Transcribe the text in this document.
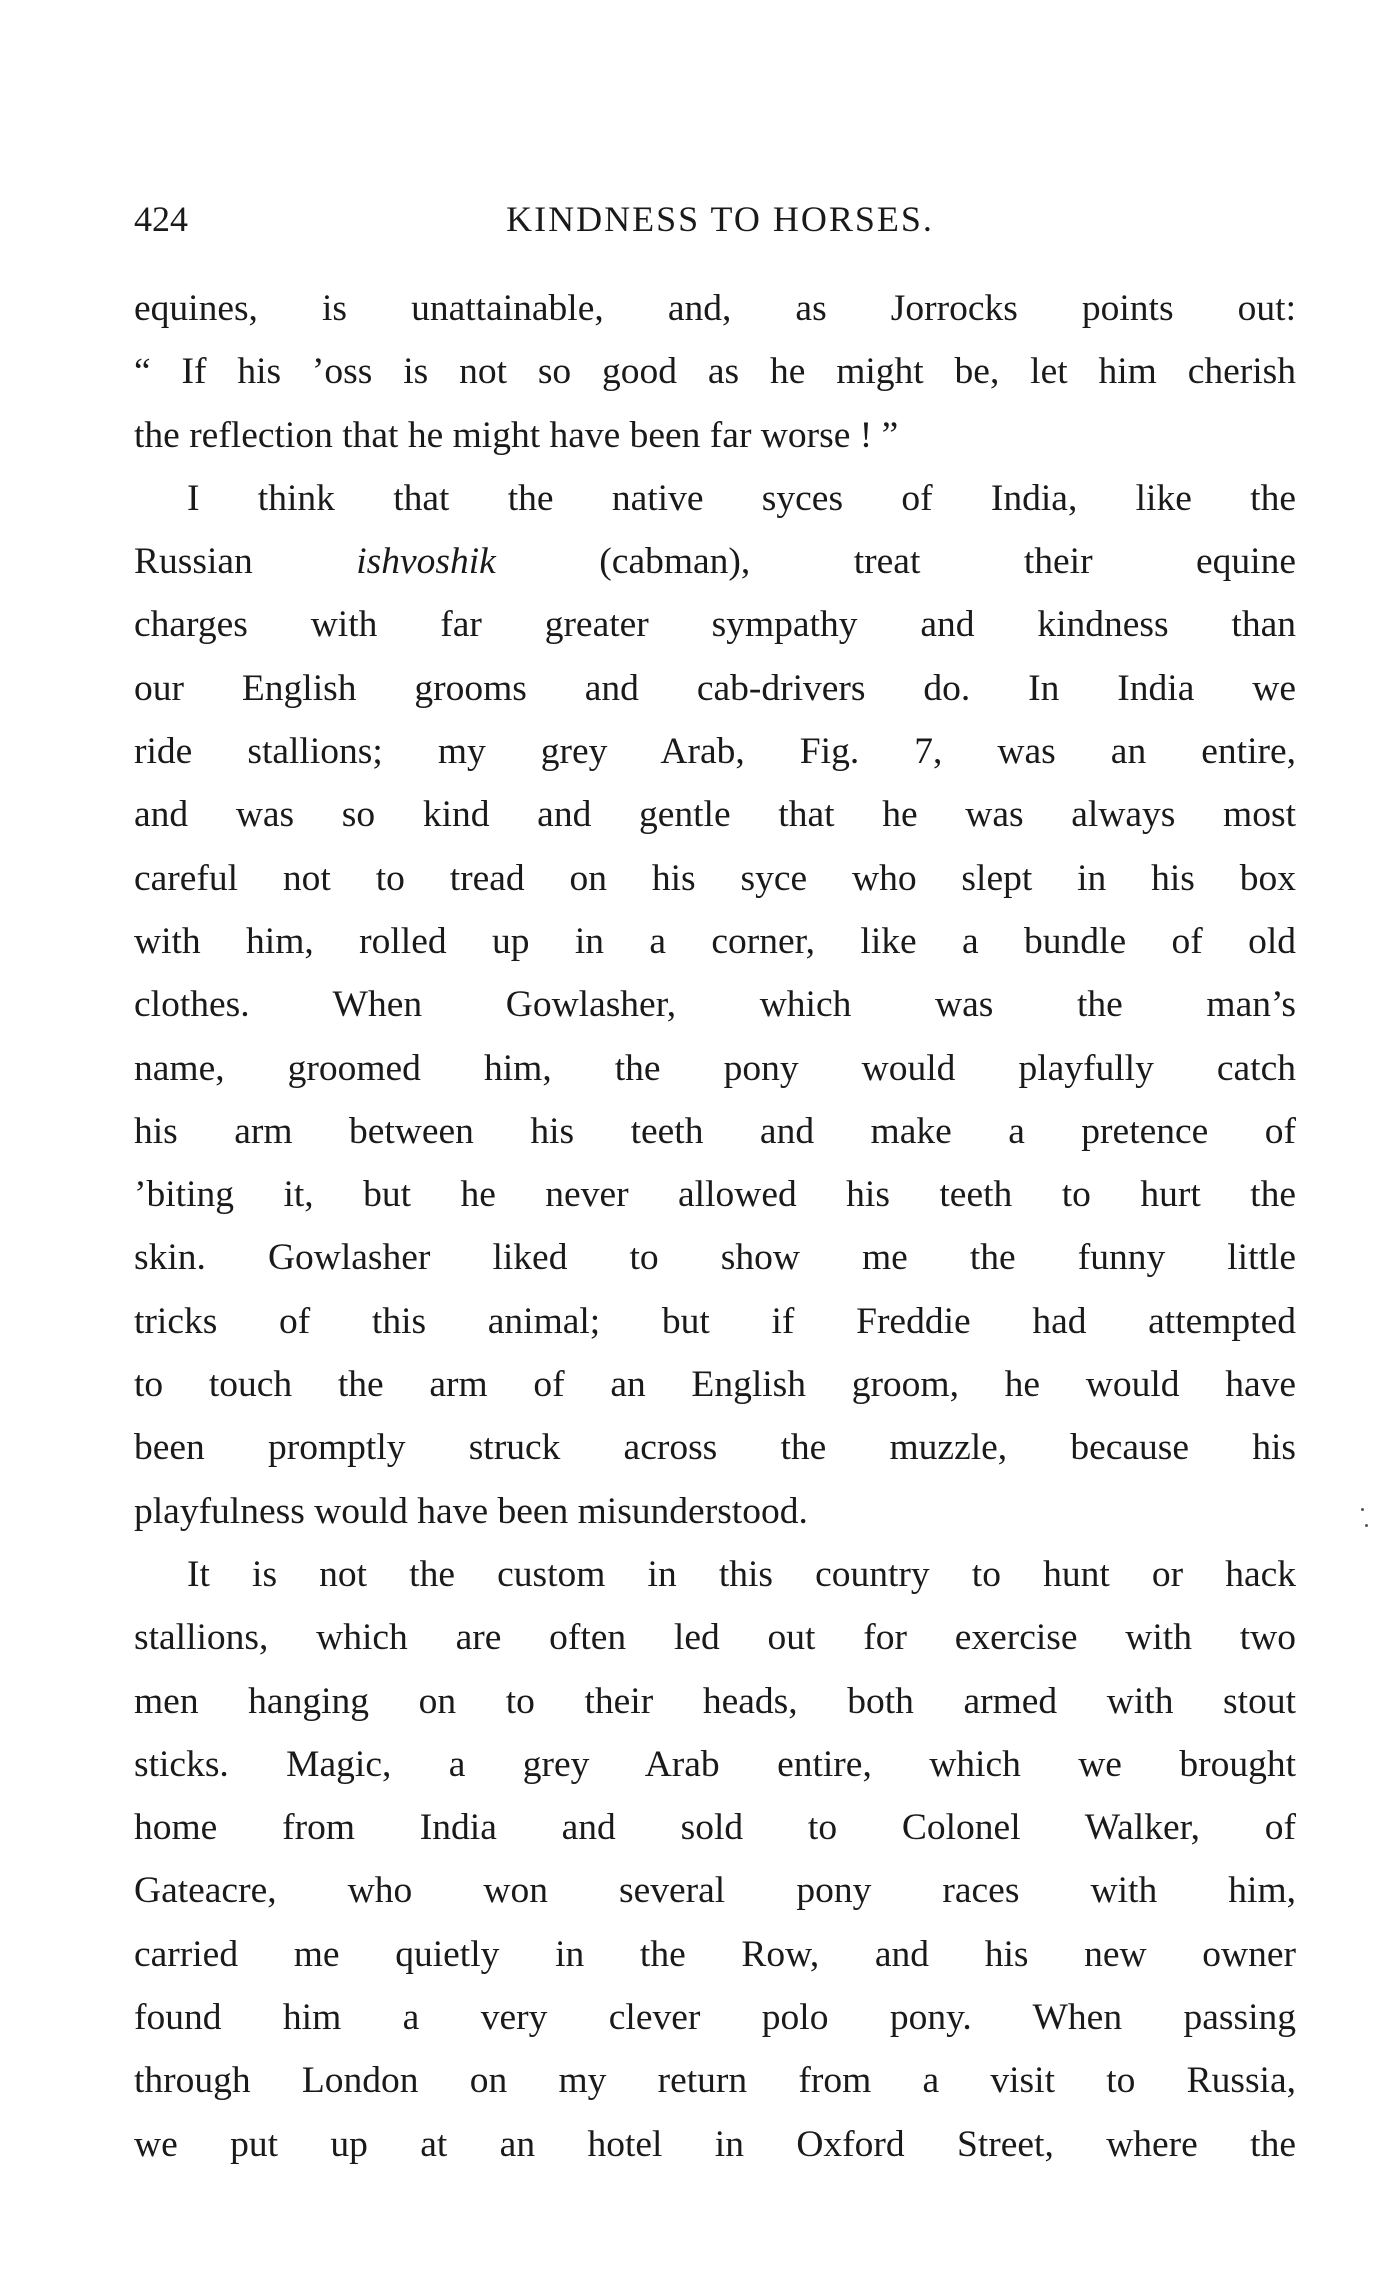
424	KINDNESS TO HORSES.
equines, is unattainable, and, as Jorrocks points out:
“ If his ’oss is not so good as he might be, let him cherish
the reflection that he might have been far worse ! ”
I think that the native syces of India, like the
Russian ishvoshik (cabman), treat their equine
charges with far greater sympathy and kindness than
our English grooms and cab-drivers do. In India we
ride stallions; my grey Arab, Fig. 7, was an entire,
and was so kind and gentle that he was always most
careful not to tread on his syce who slept in his box
with him, rolled up in a corner, like a bundle of old
clothes. When Gowlasher, which was the man’s
name, groomed him, the pony would playfully catch
his arm between his teeth and make a pretence of
’biting it, but he never allowed his teeth to hurt the
skin. Gowlasher liked to show me the funny little
tricks of this animal; but if Freddie had attempted
to touch the arm of an English groom, he would have
been promptly struck across the muzzle, because his
playfulness would have been misunderstood.
It is not the custom in this country to hunt or hack
stallions, which are often led out for exercise with two
men hanging on to their heads, both armed with stout
sticks. Magic, a grey Arab entire, which we brought
home from India and sold to Colonel Walker, of
Gateacre, who won several pony races with him,
carried me quietly in the Row, and his new owner
found him a very clever polo pony. When passing
through London on my return from a visit to Russia,
we put up at an hotel in Oxford Street, where the
